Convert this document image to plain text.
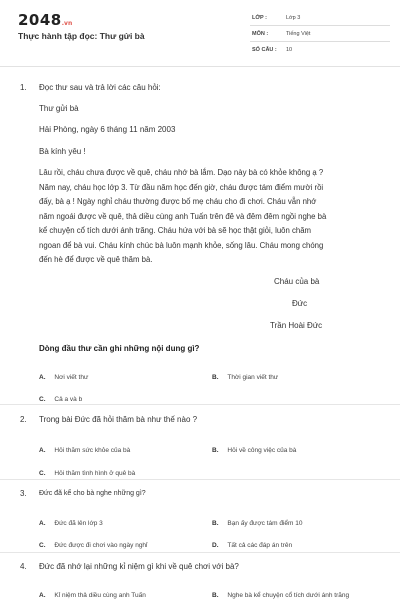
2048.vn
Thực hành tập đọc: Thư gửi bà
LỚP :	Lớp 3
MÔN :	Tiếng Việt
SỐ CÂU : 10
1. Đọc thư sau và trả lời các câu hỏi:
Thư gửi bà
Hải Phòng, ngày 6 tháng 11 năm 2003
Bà kính yêu !
Lâu rồi, cháu chưa được về quê, cháu nhớ bà lắm. Dạo này bà có khỏe không ạ ?
Năm nay, cháu học lớp 3. Từ đầu năm học đến giờ, cháu được tám điểm mười rồi
đấy, bà ạ ! Ngày nghỉ cháu thường được bố mẹ cháu cho đi chơi. Cháu vẫn nhớ
năm ngoái được về quê, thả diều cùng anh Tuấn trên đê và đêm đêm ngồi nghe bà
kể chuyện cổ tích dưới ánh trăng. Cháu hứa với bà sẽ học thật giỏi, luôn chăm
ngoan để bà vui. Cháu kính chúc bà luôn mạnh khỏe, sống lâu. Cháu mong chóng
đến hè để được về quê thăm bà.
Cháu của bà
Đức
Trần Hoài Đức
Dòng đầu thư cần ghi những nội dung gì?
A. Nơi viết thư	B. Thời gian viết thư
C. Cả a và b
2. Trong bài Đức đã hỏi thăm bà như thế nào ?
A. Hỏi thăm sức khỏe của bà	B. Hỏi về công việc của bà
C. Hỏi thăm tình hình ở quê bà
3. Đức đã kể cho bà nghe những gì?
A. Đức đã lên lớp 3	B. Bạn ấy được tám điểm 10
C. Đức được đi chơi vào ngày nghỉ	D. Tất cả các đáp án trên
4. Đức đã nhớ lại những kỉ niệm gì khi về quê chơi với bà?
A. Kỉ niệm thả diều cùng anh Tuấn	B. Nghe bà kể chuyện cổ tích dưới ánh trăng
